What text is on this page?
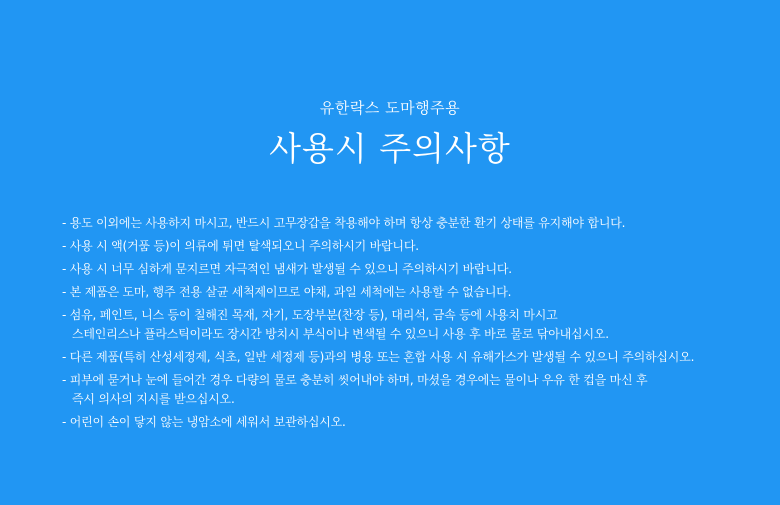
유한락스 도마행주용
사용시 주의사항
- 용도 이외에는 사용하지 마시고, 반드시 고무장갑을 착용해야 하며 항상 충분한 환기 상태를 유지해야 합니다.
- 사용 시 액(거품 등)이 의류에 튀면 탈색되오니 주의하시기 바랍니다.
- 사용 시 너무 심하게 문지르면 자극적인 냄새가 발생될 수 있으니 주의하시기 바랍니다.
- 본 제품은 도마, 행주 전용 살균 세척제이므로 야채, 과일 세척에는 사용할 수 없습니다.
- 섬유, 페인트, 니스 등이 칠해진 목재, 자기, 도장부분(찬장 등), 대리석, 금속 등에 사용치 마시고
스테인리스나 플라스틱이라도 장시간 방치시 부식이나 변색될 수 있으니 사용 후 바로 물로 닦아내십시오.
- 다른 제품(특히 산성세정제, 식초, 일반 세정제 등)과의 병용 또는 혼합 사용 시 유해가스가 발생될 수 있으니 주의하십시오.
- 피부에 묻거나 눈에 들어간 경우 다량의 물로 충분히 씻어내야 하며, 마셨을 경우에는 물이나 우유 한 컵을 마신 후
즉시 의사의 지시를 받으십시오.
- 어린이 손이 닿지 않는 냉암소에 세워서 보관하십시오.
